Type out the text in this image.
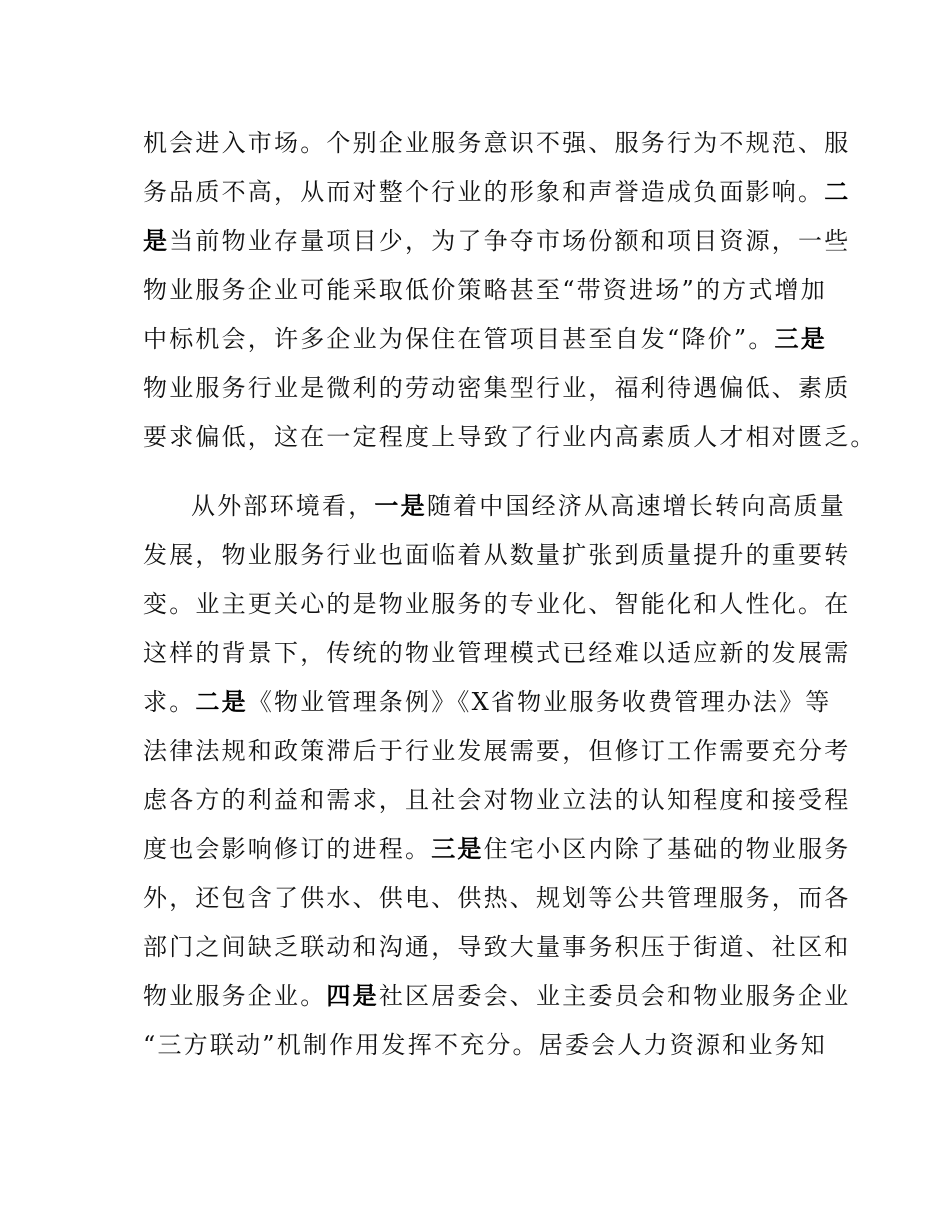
机会进入市场。个别企业服务意识不强、服务行为不规范、服
务品质不高，从而对整个行业的形象和声誉造成负面影响。二
是当前物业存量项目少，为了争夺市场份额和项目资源，一些
物业服务企业可能采取低价策略甚至“带资进场”的方式增加
中标机会，许多企业为保住在管项目甚至自发“降价”。三是
物业服务行业是微利的劳动密集型行业，福利待遇偏低、素质
要求偏低，这在一定程度上导致了行业内高素质人才相对匮乏。
从外部环境看，一是随着中国经济从高速增长转向高质量
发展，物业服务行业也面临着从数量扩张到质量提升的重要转
变。业主更关心的是物业服务的专业化、智能化和人性化。在
这样的背景下，传统的物业管理模式已经难以适应新的发展需
求。二是《物业管理条例》《X省物业服务收费管理办法》等
法律法规和政策滞后于行业发展需要，但修订工作需要充分考
虑各方的利益和需求，且社会对物业立法的认知程度和接受程
度也会影响修订的进程。三是住宅小区内除了基础的物业服务
外，还包含了供水、供电、供热、规划等公共管理服务，而各
部门之间缺乏联动和沟通，导致大量事务积压于街道、社区和
物业服务企业。四是社区居委会、业主委员会和物业服务企业
“三方联动”机制作用发挥不充分。居委会人力资源和业务知
